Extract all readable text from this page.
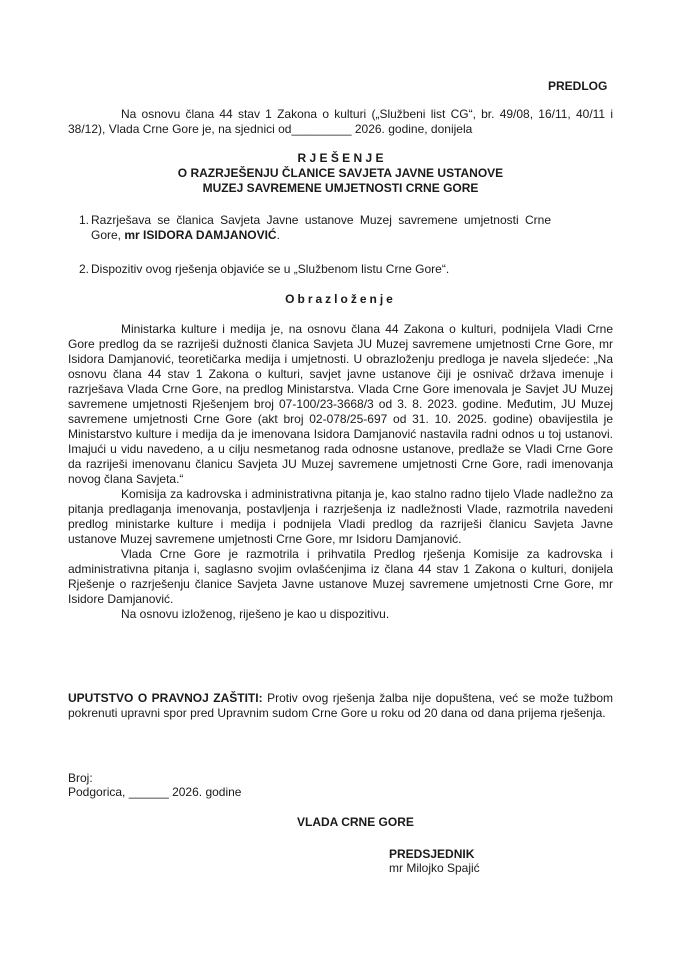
PREDLOG

Na osnovu člana 44 stav 1 Zakona o kulturi („Službeni list CG“, br. 49/08, 16/11, 40/11 i 38/12), Vlada Crne Gore je, na sjednici od_________ 2026. godine, donijela

R J E Š E N J E
O RAZRJEŠENJU ČLANICE SAVJETA JAVNE USTANOVE
MUZEJ SAVREMENE UMJETNOSTI CRNE GORE
1. Razrješava se članica Savjeta Javne ustanove Muzej savremene umjetnosti Crne Gore, mr ISIDORA DAMJANOVIĆ.
2. Dispozitiv ovog rješenja objaviće se u „Službenom listu Crne Gore“.
Obrazloženje

Ministarka kulture i medija je, na osnovu člana 44 Zakona o kulturi, podnijela Vladi Crne Gore predlog da se razriješi dužnosti članica Savjeta JU Muzej savremene umjetnosti Crne Gore, mr Isidora Damjanović, teoretičarka medija i umjetnosti. U obrazloženju predloga je navela sljedeće: „Na osnovu člana 44 stav 1 Zakona o kulturi, savjet javne ustanove čiji je osnivač država imenuje i razrješava Vlada Crne Gore, na predlog Ministarstva. Vlada Crne Gore imenovala je Savjet JU Muzej savremene umjetnosti Rješenjem broj 07-100/23-3668/3 od 3. 8. 2023. godine. Međutim, JU Muzej savremene umjetnosti Crne Gore (akt broj 02-078/25-697 od 31. 10. 2025. godine) obavijestila je Ministarstvo kulture i medija da je imenovana Isidora Damjanović nastavila radni odnos u toj ustanovi. Imajući u vidu navedeno, a u cilju nesmetanog rada odnosne ustanove, predlaže se Vladi Crne Gore da razriješi imenovanu članicu Savjeta JU Muzej savremene umjetnosti Crne Gore, radi imenovanja novog člana Savjeta.“

Komisija za kadrovska i administrativna pitanja je, kao stalno radno tijelo Vlade nadležno za pitanja predlaganja imenovanja, postavljenja i razrješenja iz nadležnosti Vlade, razmotrila navedeni predlog ministarke kulture i medija i podnijela Vladi predlog da razriješi članicu Savjeta Javne ustanove Muzej savremene umjetnosti Crne Gore, mr Isidoru Damjanović.

Vlada Crne Gore je razmotrila i prihvatila Predlog rješenja Komisije za kadrovska i administrativna pitanja i, saglasno svojim ovlašćenjima iz člana 44 stav 1 Zakona o kulturi, donijela Rješenje o razrješenju članice Savjeta Javne ustanove Muzej savremene umjetnosti Crne Gore, mr Isidore Damjanović.

Na osnovu izloženog, riješeno je kao u dispozitivu.

UPUTSTVO O PRAVNOJ ZAŠTITI: Protiv ovog rješenja žalba nije dopuštena, već se može tužbom pokrenuti upravni spor pred Upravnim sudom Crne Gore u roku od 20 dana od dana prijema rješenja.

Broj:
Podgorica, ______ 2026. godine
VLADA CRNE GORE
PREDSJEDNIK
mr Milojko Spajić
